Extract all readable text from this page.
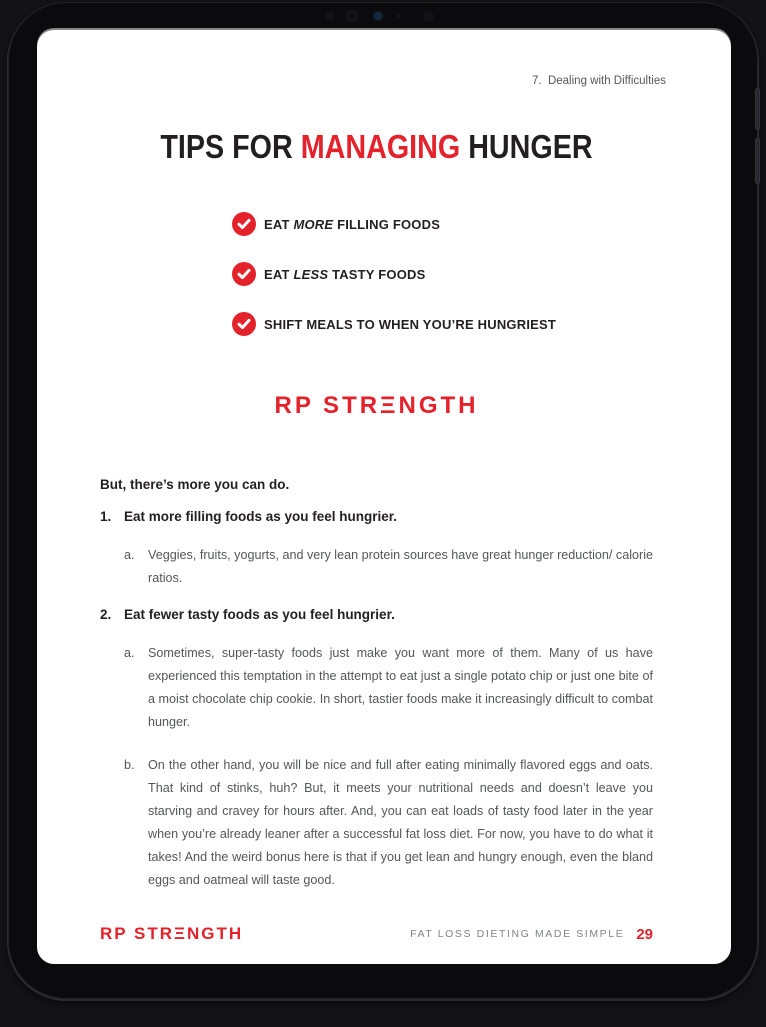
7.  Dealing with Difficulties
TIPS FOR MANAGING HUNGER
EAT MORE FILLING FOODS
EAT LESS TASTY FOODS
SHIFT MEALS TO WHEN YOU’RE HUNGRIEST
RP STRΞNGTH

But, there’s more you can do.

1. Eat more filling foods as you feel hungrier.
a.	Veggies, fruits, yogurts, and very lean protein sources have great hunger reduction/ calorie ratios.

2. Eat fewer tasty foods as you feel hungrier.
a.	Sometimes, super-tasty foods just make you want more of them. Many of us have experienced this temptation in the attempt to eat just a single potato chip or just one bite of a moist chocolate chip cookie. In short, tastier foods make it increasingly difficult to combat hunger.

b.	On the other hand, you will be nice and full after eating minimally flavored eggs and oats. That kind of stinks, huh? But, it meets your nutritional needs and doesn’t leave you starving and cravey for hours after. And, you can eat loads of tasty food later in the year when you’re already leaner after a successful fat loss diet. For now, you have to do what it takes! And the weird bonus here is that if you get lean and hungry enough, even the bland eggs and oatmeal will taste good.

RP STRΞNGTH	FAT LOSS DIETING MADE SIMPLE 29
